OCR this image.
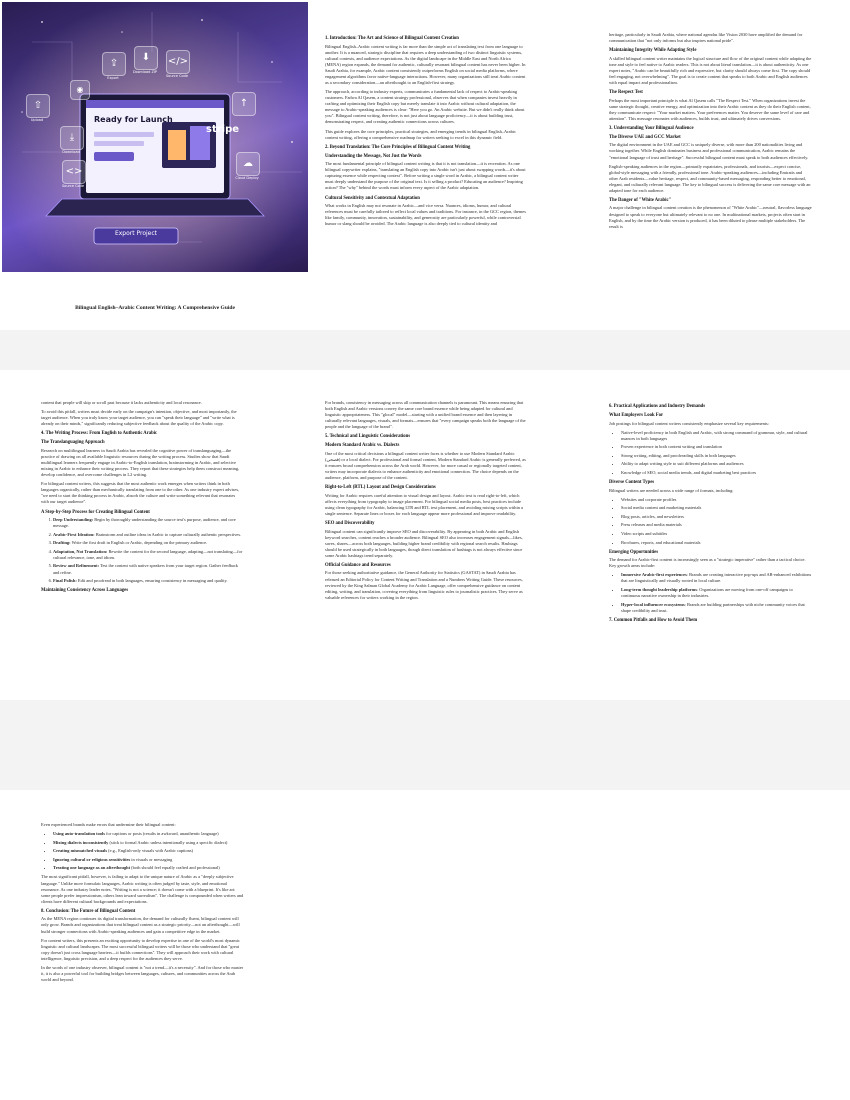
Ready for Launch
stripe
Export Project
◉
⇪
Export
⬇
Download ZIP
</>
Source Code
⇧
Upload
⤓
Download
<>
Source Code
☁
Cloud Deploy
↑
Bilingual English–Arabic Content Writing: A Comprehensive Guide
1. Introduction: The Art and Science of Bilingual Content Creation
Bilingual English–Arabic content writing is far more than the simple act of translating text from one language to another. It is a nuanced, strategic discipline that requires a deep understanding of two distinct linguistic systems, cultural contexts, and audience expectations. As the digital landscape in the Middle East and North Africa (MENA) region expands, the demand for authentic, culturally resonant bilingual content has never been higher. In Saudi Arabia, for example, Arabic content consistently outperforms English on social media platforms, where engagement algorithms favor native-language interactions. However, many organizations still treat Arabic content as a secondary consideration—an afterthought to an English-first strategy.
The approach, according to industry experts, communicates a fundamental lack of respect to Arabic-speaking customers. Fadwa Al Qasem, a content strategy professional, observes that when companies invest heavily in crafting and optimizing their English copy but merely translate it into Arabic without cultural adaptation, the message to Arabic-speaking audiences is clear: "Here you go. An Arabic website. But we didn't really think about you". Bilingual content writing, therefore, is not just about language proficiency—it is about building trust, demonstrating respect, and creating authentic connections across cultures.
This guide explores the core principles, practical strategies, and emerging trends in bilingual English–Arabic content writing, offering a comprehensive roadmap for writers seeking to excel in this dynamic field.
2. Beyond Translation: The Core Principles of Bilingual Content Writing
Understanding the Message, Not Just the Words
The most fundamental principle of bilingual content writing is that it is not translation—it is recreation. As one bilingual copywriter explains, "translating an English copy into Arabic isn't just about swapping words—it's about capturing essence while respecting context". Before writing a single word in Arabic, a bilingual content writer must deeply understand the purpose of the original text. Is it selling a product? Educating an audience? Inspiring action? The "why" behind the words must inform every aspect of the Arabic adaptation.
Cultural Sensitivity and Contextual Adaptation
What works in English may not resonate in Arabic—and vice versa. Nuances, idioms, humor, and cultural references must be carefully tailored to reflect local values and traditions. For instance, in the GCC region, themes like family, community, innovation, sustainability, and generosity are particularly powerful, while controversial humor or slang should be avoided. The Arabic language is also deeply tied to cultural identity and
heritage, particularly in Saudi Arabia, where national agendas like Vision 2030 have amplified the demand for communication that "not only informs but also inspires national pride".
Maintaining Integrity While Adapting Style
A skilled bilingual content writer maintains the logical structure and flow of the original content while adapting the tone and style to feel native to Arabic readers. This is not about literal translation—it is about authenticity. As one expert notes, "Arabic can be beautifully rich and expressive, but clarity should always come first. The copy should feel engaging, not overwhelming". The goal is to create content that speaks to both Arabic and English audiences with equal impact and professionalism.
The Respect Test
Perhaps the most important principle is what Al Qasem calls "The Respect Test." When organizations invest the same strategic thought, creative energy, and optimization into their Arabic content as they do their English content, they communicate respect: "Your market matters. Your preferences matter. You deserve the same level of care and attention". This message resonates with audiences, builds trust, and ultimately drives conversions.
3. Understanding Your Bilingual Audience
The Diverse UAE and GCC Market
The digital environment in the UAE and GCC is uniquely diverse, with more than 200 nationalities living and working together. While English dominates business and professional communication, Arabic remains the "emotional language of trust and heritage". Successful bilingual content must speak to both audiences effectively.
English-speaking audiences in the region—primarily expatriates, professionals, and tourists—expect concise, global-style messaging with a friendly, professional tone. Arabic-speaking audiences—including Emiratis and other Arab residents—value heritage, respect, and community-based messaging, responding better to emotional, elegant, and culturally relevant language. The key to bilingual success is delivering the same core message with an adapted tone for each audience.
The Danger of "White Arabic"
A major challenge in bilingual content creation is the phenomenon of "White Arabic"—neutral, flavorless language designed to speak to everyone but ultimately relevant to no one. In multinational markets, projects often start in English, and by the time the Arabic version is produced, it has been diluted to please multiple stakeholders. The result is
content that people will skip or scroll past because it lacks authenticity and local resonance.
To avoid this pitfall, writers must decide early on the campaign's intention, objective, and most importantly, the target audience. When you truly know your target audience, you can "speak their language" and "write what is already on their minds," significantly reducing subjective feedback about the quality of the Arabic copy.
4. The Writing Process: From English to Authentic Arabic
The Translanguaging Approach
Research on multilingual learners in Saudi Arabia has revealed the cognitive power of translanguaging—the practice of drawing on all available linguistic resources during the writing process. Studies show that Saudi multilingual learners frequently engage in Arabic-to-English translation, brainstorming in Arabic, and selective mixing in Arabic to enhance their writing process. They report that these strategies help them construct meaning, develop confidence, and overcome challenges in L2 writing.
For bilingual content writers, this suggests that the most authentic work emerges when writers think in both languages organically, rather than mechanically translating from one to the other. As one industry expert advises, "we need to start the thinking process in Arabic, absorb the culture and write something relevant that resonates with our target audience".
A Step-by-Step Process for Creating Bilingual Content
1. Deep Understanding: Begin by thoroughly understanding the source text's purpose, audience, and core message.
2. Arabic-First Ideation: Brainstorm and outline ideas in Arabic to capture culturally authentic perspectives.
3. Drafting: Write the first draft in English or Arabic, depending on the primary audience.
4. Adaptation, Not Translation: Rewrite the content for the second language, adapting—not translating—for cultural relevance, tone, and idiom.
5. Review and Refinement: Test the content with native speakers from your target region. Gather feedback and refine.
6. Final Polish: Edit and proofread in both languages, ensuring consistency in messaging and quality.
Maintaining Consistency Across Languages
For brands, consistency in messaging across all communication channels is paramount. This means ensuring that both English and Arabic versions convey the same core brand essence while being adapted for cultural and linguistic appropriateness. This "glocal" model—starting with a unified brand essence and then layering in culturally relevant languages, visuals, and formats—ensures that "every campaign speaks both the language of the people and the language of the brand".
5. Technical and Linguistic Considerations
Modern Standard Arabic vs. Dialects
One of the most critical decisions a bilingual content writer faces is whether to use Modern Standard Arabic (فصحى) or a local dialect. For professional and formal content, Modern Standard Arabic is generally preferred, as it ensures broad comprehension across the Arab world. However, for more casual or regionally targeted content, writers may incorporate dialects to enhance authenticity and emotional connection. The choice depends on the audience, platform, and purpose of the content.
Right-to-Left (RTL) Layout and Design Considerations
Writing for Arabic requires careful attention to visual design and layout. Arabic text is read right-to-left, which affects everything from typography to image placement. For bilingual social media posts, best practices include using clean typography for Arabic, balancing LTR and RTL text placement, and avoiding mixing scripts within a single sentence. Separate lines or boxes for each language appear more professional and improve readability.
SEO and Discoverability
Bilingual content can significantly improve SEO and discoverability. By appearing in both Arabic and English keyword searches, content reaches a broader audience. Bilingual SEO also increases engagement signals—likes, saves, shares—across both languages, building higher brand credibility with regional search results. Hashtags should be used strategically in both languages, though direct translation of hashtags is not always effective since some Arabic hashtags trend separately.
Official Guidance and Resources
For those seeking authoritative guidance, the General Authority for Statistics (GASTAT) in Saudi Arabia has released an Editorial Policy for Content Writing and Translation and a Numbers Writing Guide. These resources, reviewed by the King Salman Global Academy for Arabic Language, offer comprehensive guidance on content editing, writing, and translation, covering everything from linguistic rules to journalistic practices. They serve as valuable references for writers working in the region.
6. Practical Applications and Industry Demands
What Employers Look For
Job postings for bilingual content writers consistently emphasize several key requirements:
• Native-level proficiency in both English and Arabic, with strong command of grammar, style, and cultural nuances in both languages
• Proven experience in both content writing and translation
• Strong writing, editing, and proofreading skills in both languages
• Ability to adapt writing style to suit different platforms and audiences
• Knowledge of SEO, social media trends, and digital marketing best practices
Diverse Content Types
Bilingual writers are needed across a wide range of formats, including:
• Websites and corporate profiles
• Social media content and marketing materials
• Blog posts, articles, and newsletters
• Press releases and media materials
• Video scripts and subtitles
• Brochures, reports, and educational materials
Emerging Opportunities
The demand for Arabic-first content is increasingly seen as a "strategic imperative" rather than a tactical choice. Key growth areas include:
• Immersive Arabic-first experiences: Brands are creating interactive pop-ups and AR-enhanced exhibitions that are linguistically and visually rooted in local culture.
• Long-term thought leadership platforms: Organizations are moving from one-off campaigns to continuous narrative ownership in their industries.
• Hyper-local influencer ecosystems: Brands are building partnerships with niche community voices that shape credibility and trust.
7. Common Pitfalls and How to Avoid Them
Even experienced brands make errors that undermine their bilingual content:
• Using auto-translation tools for captions or posts (results in awkward, unauthentic language)
• Mixing dialects inconsistently (stick to formal Arabic unless intentionally using a specific dialect)
• Creating mismatched visuals (e.g., English-only visuals with Arabic captions)
• Ignoring cultural or religious sensitivities in visuals or messaging
• Treating one language as an afterthought (both should feel equally crafted and professional)
The most significant pitfall, however, is failing to adapt to the unique nature of Arabic as a "deeply subjective language." Unlike more formulaic languages, Arabic writing is often judged by taste, style, and emotional resonance. As one industry leader notes, "Writing is not a science; it doesn't come with a blueprint. It's like art: some people prefer impressionism, others lean toward surrealism". The challenge is compounded when writers and clients have different cultural backgrounds and expectations.
8. Conclusion: The Future of Bilingual Content
As the MENA region continues its digital transformation, the demand for culturally fluent, bilingual content will only grow. Brands and organizations that treat bilingual content as a strategic priority—not an afterthought—will build stronger connections with Arabic-speaking audiences and gain a competitive edge in the market.
For content writers, this presents an exciting opportunity to develop expertise in one of the world's most dynamic linguistic and cultural landscapes. The most successful bilingual writers will be those who understand that "great copy doesn't just cross language barriers—it builds connections". They will approach their work with cultural intelligence, linguistic precision, and a deep respect for the audiences they serve.
In the words of one industry observer, bilingual content is "not a trend—it's a necessity". And for those who master it, it is also a powerful tool for building bridges between languages, cultures, and communities across the Arab world and beyond.
